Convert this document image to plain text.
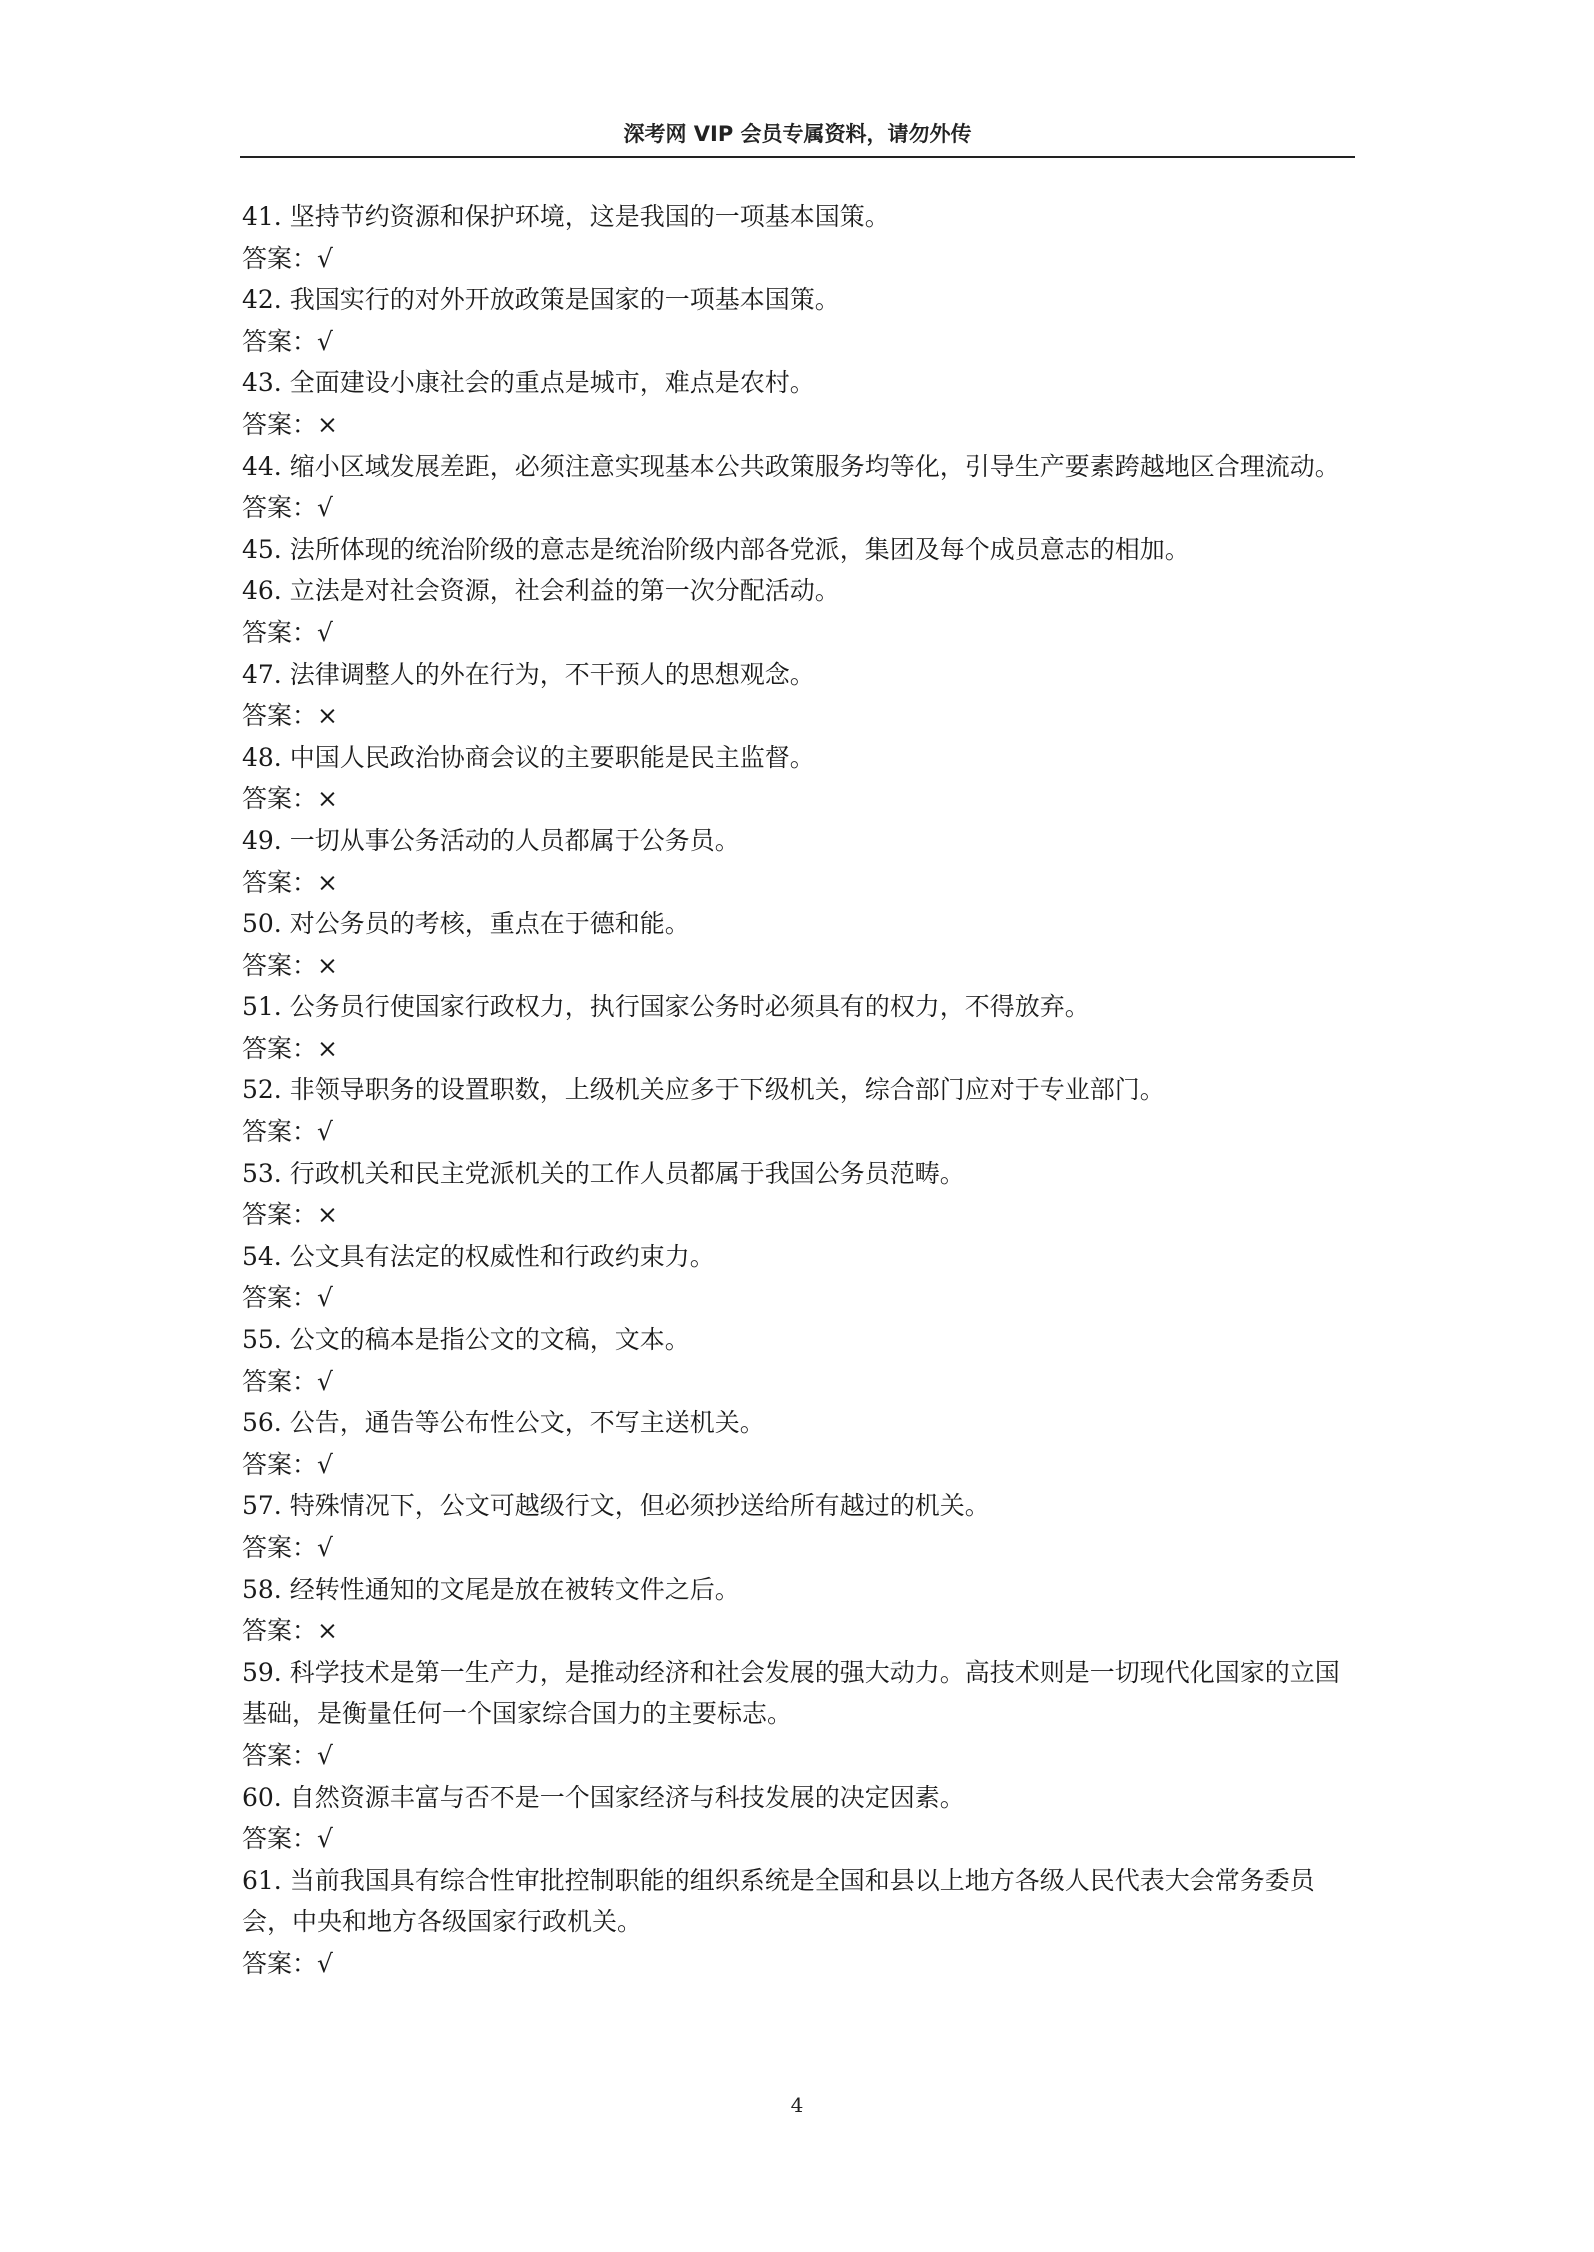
深考网 VIP 会员专属资料，请勿外传
41. 坚持节约资源和保护环境，这是我国的一项基本国策。
答案：√
42. 我国实行的对外开放政策是国家的一项基本国策。
答案：√
43. 全面建设小康社会的重点是城市，难点是农村。
答案：×
44. 缩小区域发展差距，必须注意实现基本公共政策服务均等化，引导生产要素跨越地区合理流动。
答案：√
45. 法所体现的统治阶级的意志是统治阶级内部各党派，集团及每个成员意志的相加。
46. 立法是对社会资源，社会利益的第一次分配活动。
答案：√
47. 法律调整人的外在行为，不干预人的思想观念。
答案：×
48. 中国人民政治协商会议的主要职能是民主监督。
答案：×
49. 一切从事公务活动的人员都属于公务员。
答案：×
50. 对公务员的考核，重点在于德和能。
答案：×
51. 公务员行使国家行政权力，执行国家公务时必须具有的权力，不得放弃。
答案：×
52. 非领导职务的设置职数，上级机关应多于下级机关，综合部门应对于专业部门。
答案：√
53. 行政机关和民主党派机关的工作人员都属于我国公务员范畴。
答案：×
54. 公文具有法定的权威性和行政约束力。
答案：√
55. 公文的稿本是指公文的文稿，文本。
答案：√
56. 公告，通告等公布性公文，不写主送机关。
答案：√
57. 特殊情况下，公文可越级行文，但必须抄送给所有越过的机关。
答案：√
58. 经转性通知的文尾是放在被转文件之后。
答案：×
59. 科学技术是第一生产力，是推动经济和社会发展的强大动力。高技术则是一切现代化国家的立国基础，是衡量任何一个国家综合国力的主要标志。
答案：√
60. 自然资源丰富与否不是一个国家经济与科技发展的决定因素。
答案：√
61. 当前我国具有综合性审批控制职能的组织系统是全国和县以上地方各级人民代表大会常务委员会，中央和地方各级国家行政机关。
答案：√
4
